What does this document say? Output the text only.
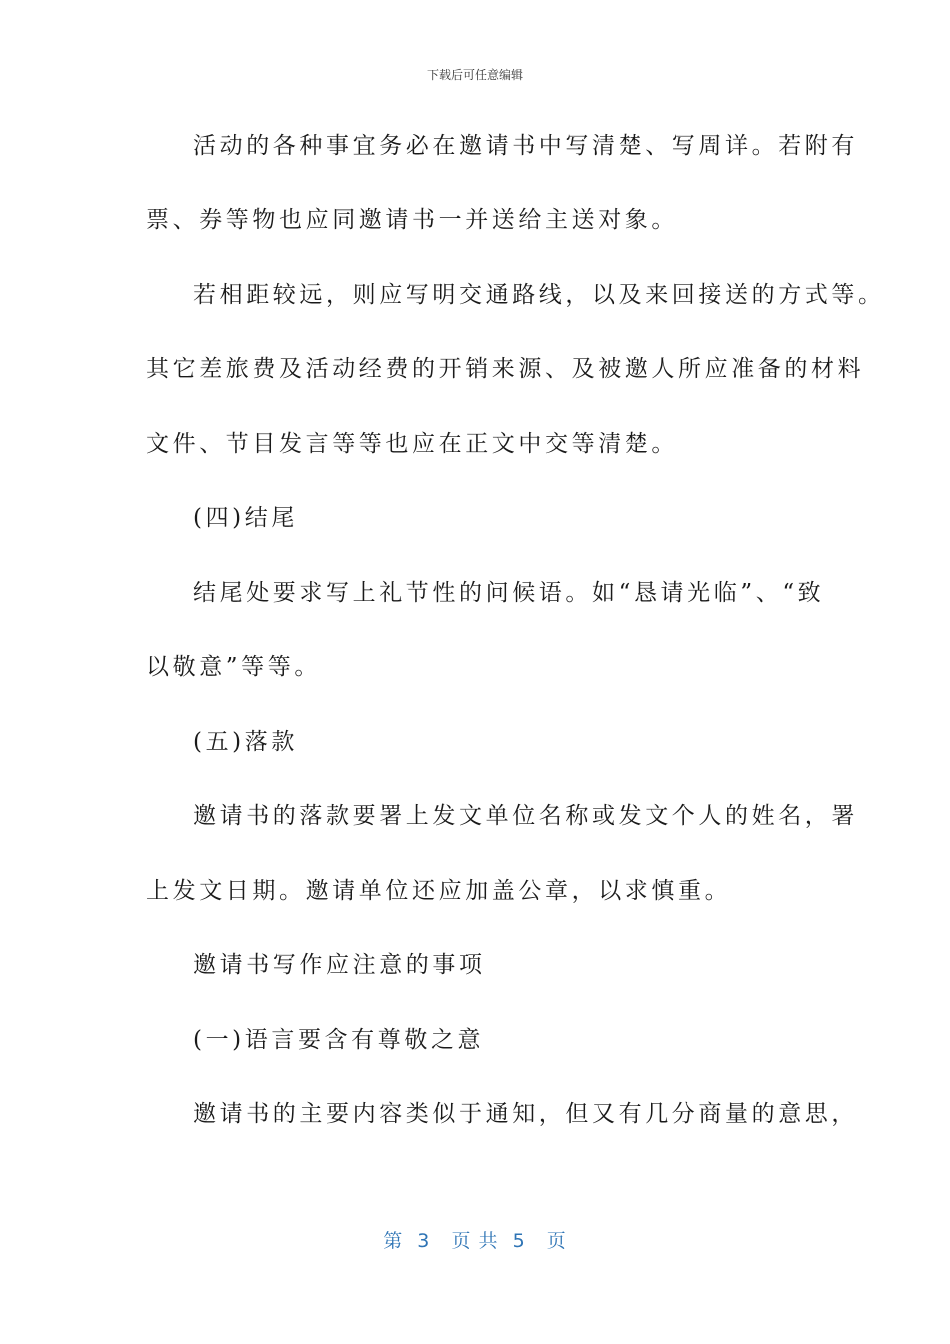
下载后可任意编辑
活动的各种事宜务必在邀请书中写清楚、写周详。若附有
票、券等物也应同邀请书一并送给主送对象。
若相距较远，则应写明交通路线，以及来回接送的方式等。
其它差旅费及活动经费的开销来源、及被邀人所应准备的材料
文件、节目发言等等也应在正文中交等清楚。
(四)结尾
结尾处要求写上礼节性的问候语。如“恳请光临”、“致
以敬意”等等。
(五)落款
邀请书的落款要署上发文单位名称或发文个人的姓名，署
上发文日期。邀请单位还应加盖公章，以求慎重。
邀请书写作应注意的事项
(一)语言要含有尊敬之意
邀请书的主要内容类似于通知，但又有几分商量的意思，
第  3   页 共  5   页
